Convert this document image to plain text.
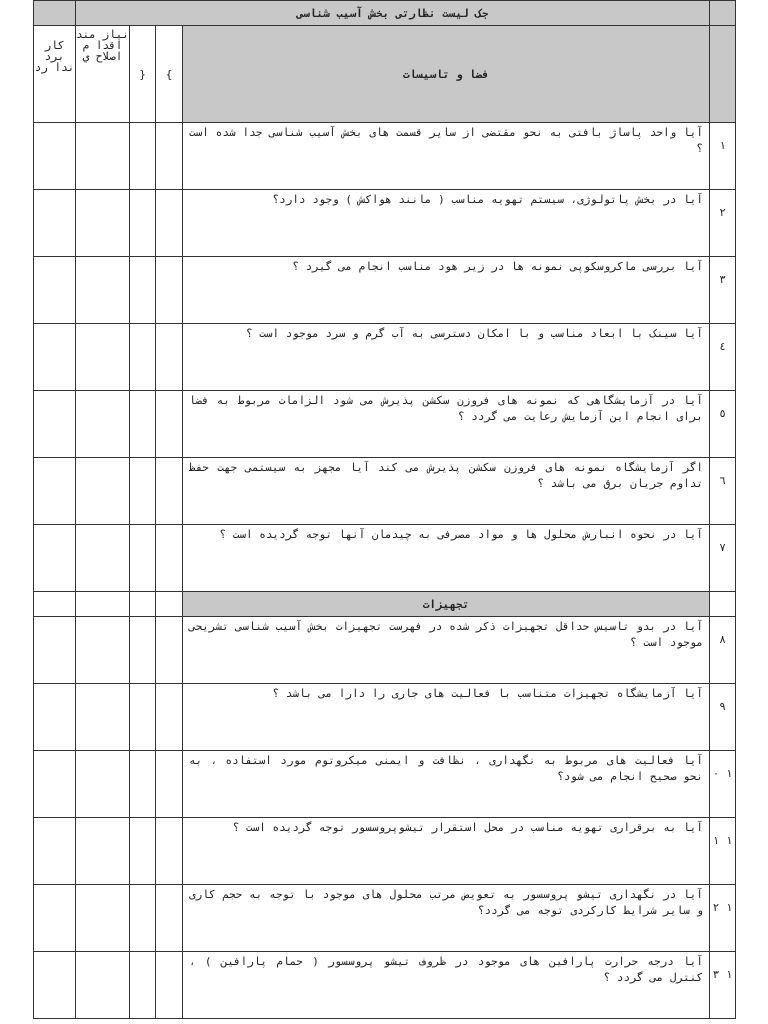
	جک لیست نظارتی بخش آسیب شناسی				
	فضا و تاسیسات	}	{	نیاز مند اقدا م اصلاح ي	کار برد ندا رد
۱	آیا واحد پاساژ بافتی به نحو مقتضی از سایر قسمت های بخش آسیب شناسی جدا شده است ؟				
۲	آیا در بخش پاتولوژی، سیستم تهویه مناسب ( مانند هواکش ) وجود دارد؟				
۳	آیا بررسی ماکروسکوپی نمونه ها در زیر هود مناسب انجام می گیرد ؟				
٤	آیا سینک با ابعاد مناسب و با امکان دسترسی به آب گرم و سرد موجود است ؟				
٥	آیا در آزمایشگاهی که نمونه های فروزن سکشن پذیرش می شود الزامات مربوط به فضا برای انجام این آزمایش رعایت می گردد ؟				
٦	اگر آزمایشگاه نمونه های فروزن سکشن پذیرش می کند آیا مجهز به سیستمی جهت حفظ تداوم جریان برق می باشد ؟				
٧	آیا در نحوه انبارش محلول ها و مواد مصرفی به چیدمان آنها توجه گردیده است ؟				
	تجهیزات				
٨	آیا در بدو تاسیس حداقل تجهیزات ذکر شده در فهرست تجهیزات بخش آسیب شناسی تشریحی موجود است ؟				
٩	آیا آزمایشگاه تجهیزات متناسب با فعالیت های جاری را دارا می باشد ؟				
۱ ۰	آیا فعالیت های مربوط به نگهداری ، نظافت و ایمنی میکروتوم مورد استفاده ، به نحو صحیح انجام می شود؟				
۱ ۱	آیا به برقراری تهویه مناسب در محل استقرار تیشوپروسسور توجه گردیده است ؟				
۱ ۲	آیا در نگهداری تیشو پروسسور به تعویض مرتب محلول های موجود با توجه به حجم کاری و سایر شرایط کارکردی توجه می گردد؟				
۱ ۳	آیا درجه حرارت پارافین های موجود در ظروف تیشو پروسسور ( حمام پارافین ) ، کنترل می گردد ؟				
